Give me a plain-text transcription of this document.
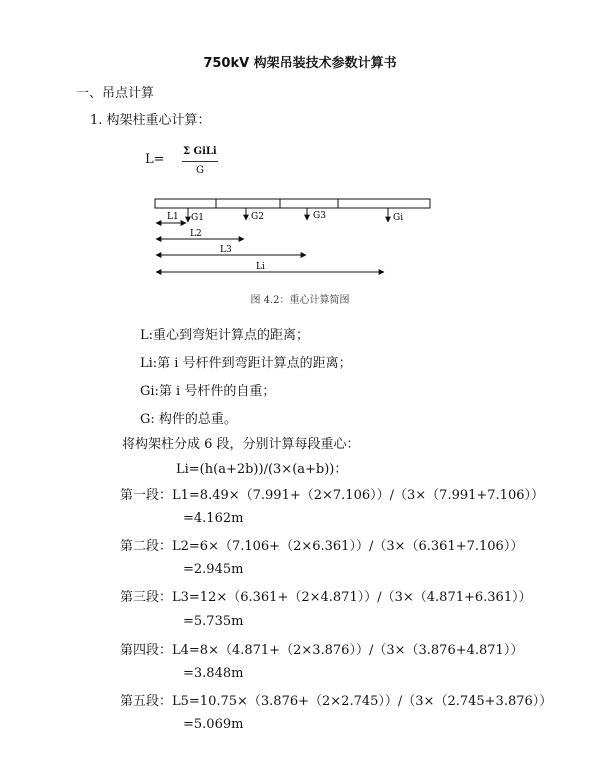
750kV 构架吊装技术参数计算书
一、吊点计算
1. 构架柱重心计算：
L=
Σ GiLi
G
G1	G2	G3	Gi
L1
L2
L3
Li
图 4.2：重心计算简图
L:重心到弯矩计算点的距离；
Li:第 i 号杆件到弯距计算点的距离；
Gi:第 i 号杆件的自重；
G: 构件的总重。
将构架柱分成 6 段，分别计算每段重心：
Li=(h(a+2b))/(3×(a+b))：
第一段：L1=8.49×（7.991+（2×7.106））/（3×（7.991+7.106））
=4.162m
第二段：L2=6×（7.106+（2×6.361））/（3×（6.361+7.106））
=2.945m
第三段：L3=12×（6.361+（2×4.871））/（3×（4.871+6.361））
=5.735m
第四段：L4=8×（4.871+（2×3.876））/（3×（3.876+4.871））
=3.848m
第五段：L5=10.75×（3.876+（2×2.745））/（3×（2.745+3.876））
=5.069m
